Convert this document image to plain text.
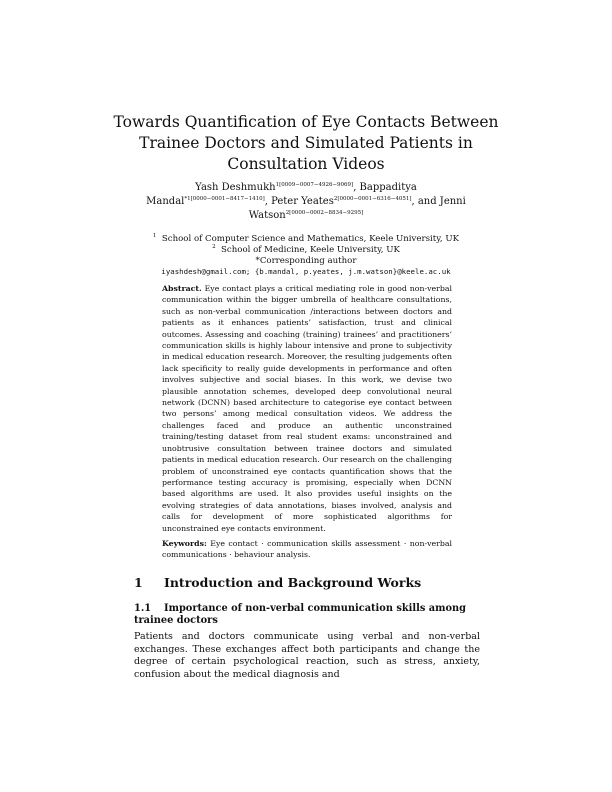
Towards Quantification of Eye Contacts Between
Trainee Doctors and Simulated Patients in
Consultation Videos
Yash Deshmukh$^{1[0009-0007-4926-9069]}$, Bappaditya
Mandal$^{*1[0000-0001-8417-1410]}$, Peter Yeates$^{2[0000-0001-6316-4051]}$, and Jenni
Watson$^{2[0000-0002-8834-9295]}$
$^1$ School of Computer Science and Mathematics, Keele University, UK
$^2$ School of Medicine, Keele University, UK
*Corresponding author
iyashdesh@gmail.com; {b.mandal, p.yeates, j.m.watson}@keele.ac.uk
Abstract. Eye contact plays a critical mediating role in good non-verbal communication within the bigger umbrella of healthcare consultations, such as non-verbal communication /interactions between doctors and patients as it enhances patients’ satisfaction, trust and clinical outcomes. Assessing and coaching (training) trainees’ and practitioners’ communication skills is highly labour intensive and prone to subjectivity in medical education research. Moreover, the resulting judgements often lack specificity to really guide developments in performance and often involves subjective and social biases. In this work, we devise two plausible annotation schemes, developed deep convolutional neural network (DCNN) based architecture to categorise eye contact between two persons’ among medical consultation videos. We address the challenges faced and produce an authentic unconstrained training/testing dataset from real student exams: unconstrained and unobtrusive consultation between trainee doctors and simulated patients in medical education research. Our research on the challenging problem of unconstrained eye contacts quantification shows that the performance testing accuracy is promising, especially when DCNN based algorithms are used. It also provides useful insights on the evolving strategies of data annotations, biases involved, analysis and calls for development of more sophisticated algorithms for unconstrained eye contacts environment.
Keywords: Eye contact · communication skills assessment · non-verbal communications · behaviour analysis.
1 Introduction and Background Works
1.1 Importance of non-verbal communication skills among trainee doctors
Patients and doctors communicate using verbal and non-verbal exchanges. These exchanges affect both participants and change the degree of certain psychological reaction, such as stress, anxiety, confusion about the medical diagnosis and
